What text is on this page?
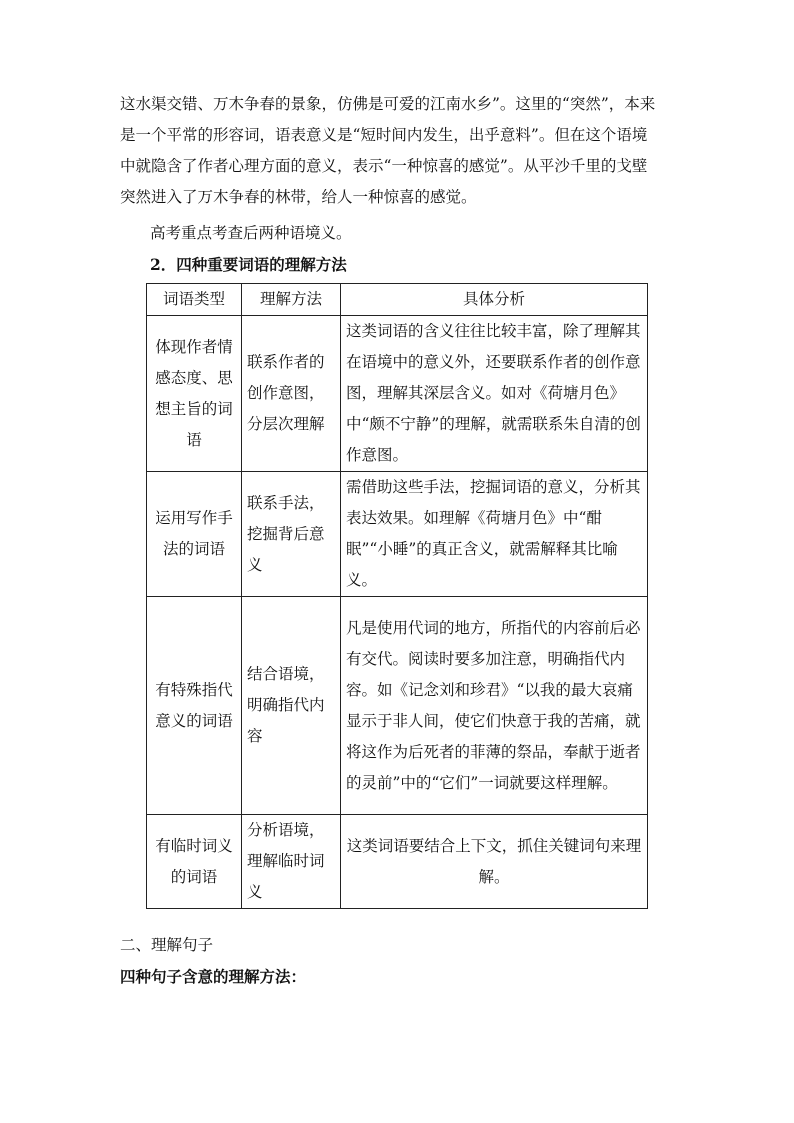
这水渠交错、万木争春的景象，仿佛是可爱的江南水乡”。这里的“突然”，本来
是一个平常的形容词，语表意义是“短时间内发生，出乎意料”。但在这个语境
中就隐含了作者心理方面的意义，表示“一种惊喜的感觉”。从平沙千里的戈壁
突然进入了万木争春的林带，给人一种惊喜的感觉。
高考重点考查后两种语境义。
2．四种重要词语的理解方法
词语类型	理解方法	具体分析
体现作者情感态度、思想主旨的词语	联系作者的创作意图，分层次理解	这类词语的含义往往比较丰富，除了理解其在语境中的意义外，还要联系作者的创作意图，理解其深层含义。如对《荷塘月色》中“颇不宁静”的理解，就需联系朱自清的创作意图。
运用写作手法的词语	联系手法，挖掘背后意义	需借助这些手法，挖掘词语的意义，分析其表达效果。如理解《荷塘月色》中“酣眠”“小睡”的真正含义，就需解释其比喻义。
有特殊指代意义的词语	结合语境，明确指代内容	凡是使用代词的地方，所指代的内容前后必有交代。阅读时要多加注意，明确指代内容。如《记念刘和珍君》“以我的最大哀痛显示于非人间，使它们快意于我的苦痛，就将这作为后死者的菲薄的祭品，奉献于逝者的灵前”中的“它们”一词就要这样理解。
有临时词义的词语	分析语境，理解临时词义	这类词语要结合上下文，抓住关键词句来理解。
二、理解句子
四种句子含意的理解方法：
